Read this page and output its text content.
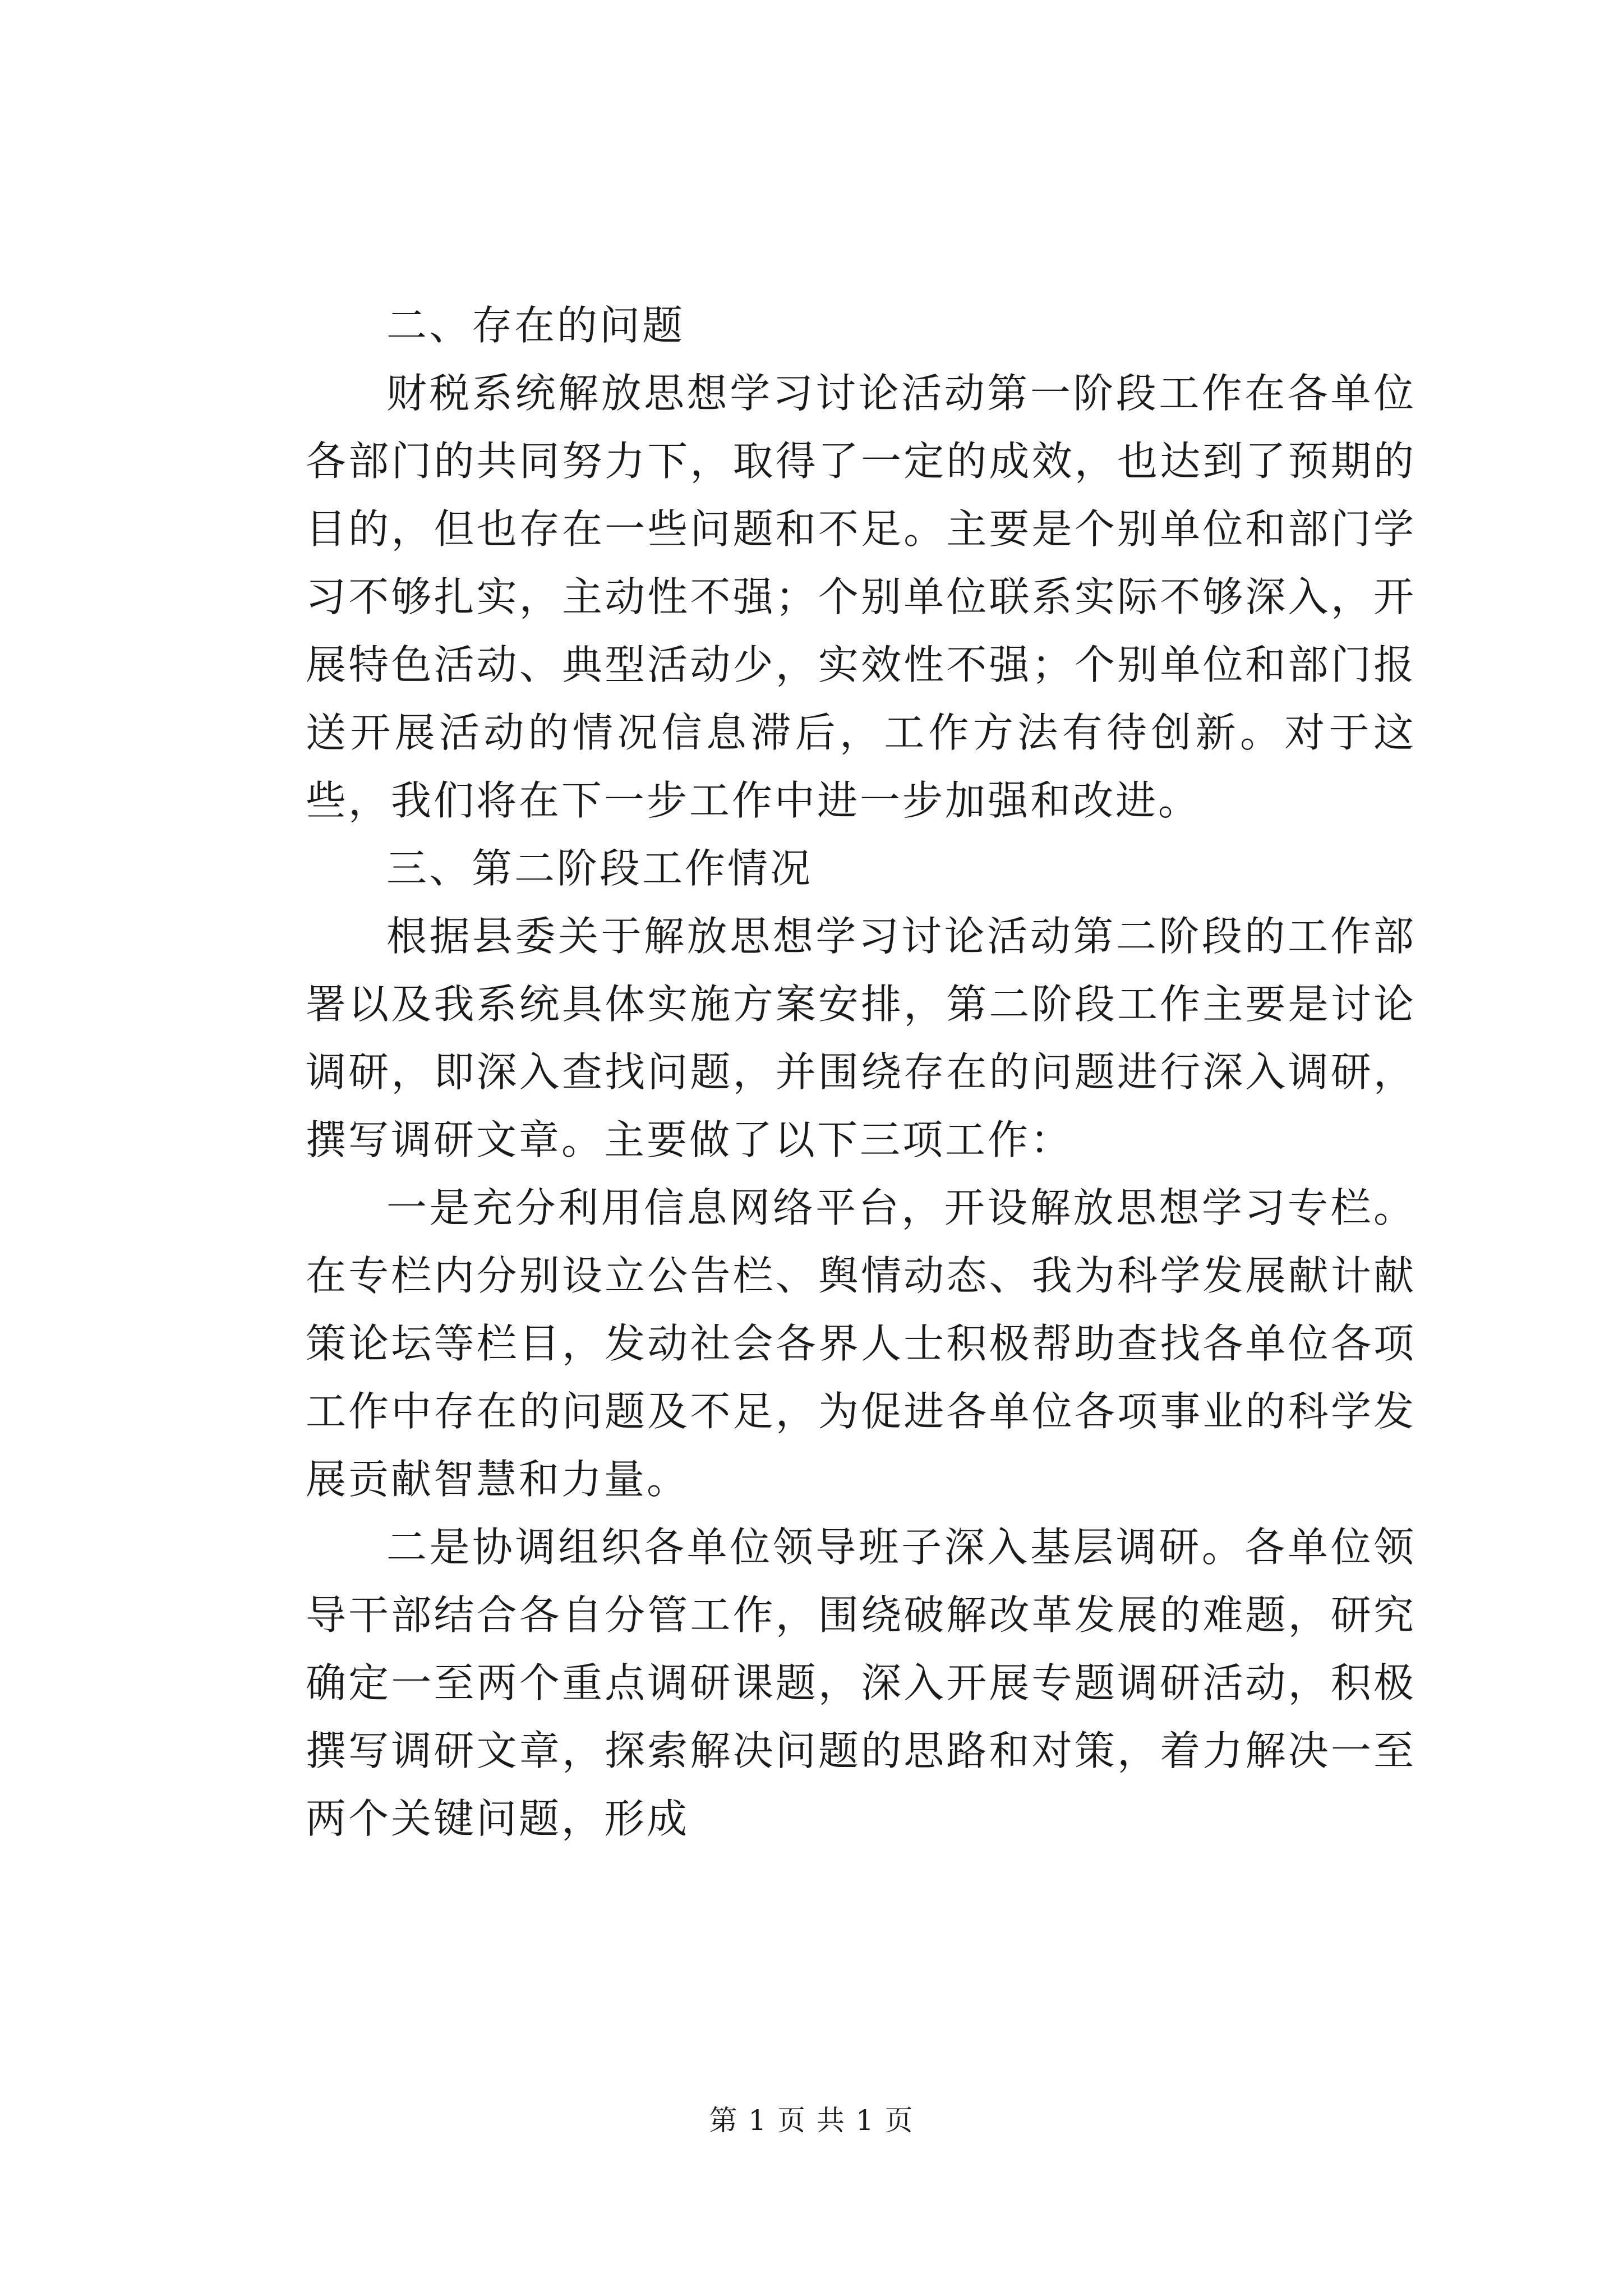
二、存在的问题

财税系统解放思想学习讨论活动第一阶段工作在各单位各部门的共同努力下，取得了一定的成效，也达到了预期的目的，但也存在一些问题和不足。主要是个别单位和部门学习不够扎实，主动性不强；个别单位联系实际不够深入，开展特色活动、典型活动少，实效性不强；个别单位和部门报送开展活动的情况信息滞后，工作方法有待创新。对于这些，我们将在下一步工作中进一步加强和改进。

三、第二阶段工作情况

根据县委关于解放思想学习讨论活动第二阶段的工作部署以及我系统具体实施方案安排，第二阶段工作主要是讨论调研，即深入查找问题，并围绕存在的问题进行深入调研，撰写调研文章。主要做了以下三项工作：

一是充分利用信息网络平台，开设解放思想学习专栏。在专栏内分别设立公告栏、舆情动态、我为科学发展献计献策论坛等栏目，发动社会各界人士积极帮助查找各单位各项工作中存在的问题及不足，为促进各单位各项事业的科学发展贡献智慧和力量。

二是协调组织各单位领导班子深入基层调研。各单位领导干部结合各自分管工作，围绕破解改革发展的难题，研究确定一至两个重点调研课题，深入开展专题调研活动，积极撰写调研文章，探索解决问题的思路和对策，着力解决一至两个关键问题，形成

第 1 页 共 1 页
